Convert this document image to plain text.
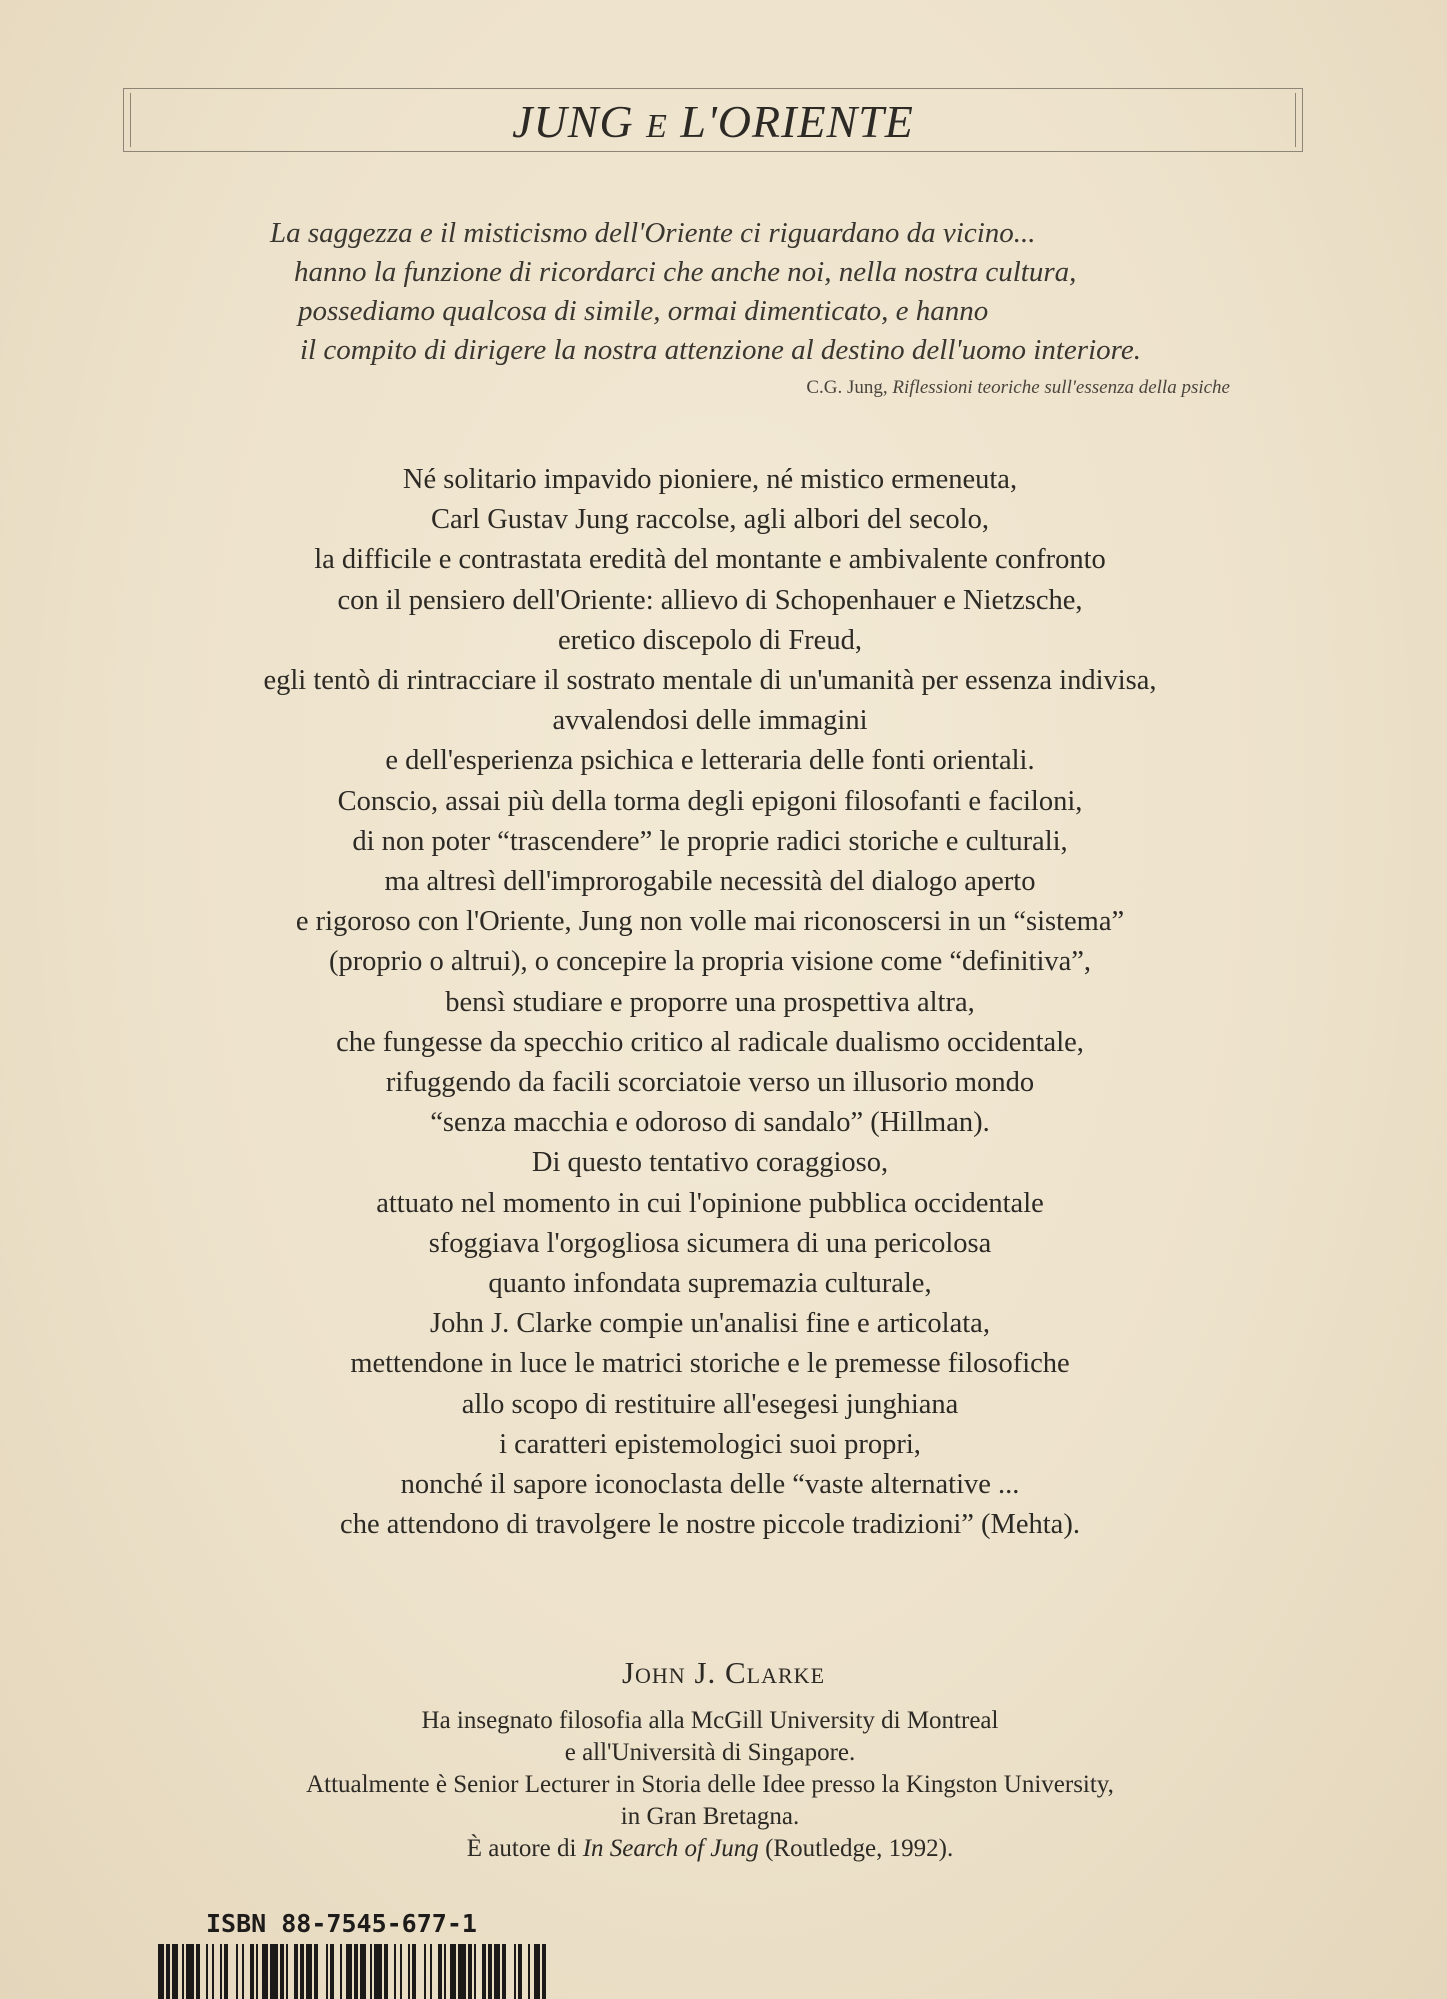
JUNG E L'ORIENTE
La saggezza e il misticismo dell'Oriente ci riguardano da vicino...
hanno la funzione di ricordarci che anche noi, nella nostra cultura,
possediamo qualcosa di simile, ormai dimenticato, e hanno
il compito di dirigere la nostra attenzione al destino dell'uomo interiore.
C.G. Jung, Riflessioni teoriche sull'essenza della psiche
Né solitario impavido pioniere, né mistico ermeneuta,
Carl Gustav Jung raccolse, agli albori del secolo,
la difficile e contrastata eredità del montante e ambivalente confronto
con il pensiero dell'Oriente: allievo di Schopenhauer e Nietzsche,
eretico discepolo di Freud,
egli tentò di rintracciare il sostrato mentale di un'umanità per essenza indivisa,
avvalendosi delle immagini
e dell'esperienza psichica e letteraria delle fonti orientali.
Conscio, assai più della torma degli epigoni filosofanti e faciloni,
di non poter “trascendere” le proprie radici storiche e culturali,
ma altresì dell'improrogabile necessità del dialogo aperto
e rigoroso con l'Oriente, Jung non volle mai riconoscersi in un “sistema”
(proprio o altrui), o concepire la propria visione come “definitiva”,
bensì studiare e proporre una prospettiva altra,
che fungesse da specchio critico al radicale dualismo occidentale,
rifuggendo da facili scorciatoie verso un illusorio mondo
“senza macchia e odoroso di sandalo” (Hillman).
Di questo tentativo coraggioso,
attuato nel momento in cui l'opinione pubblica occidentale
sfoggiava l'orgogliosa sicumera di una pericolosa
quanto infondata supremazia culturale,
John J. Clarke compie un'analisi fine e articolata,
mettendone in luce le matrici storiche e le premesse filosofiche
allo scopo di restituire all'esegesi junghiana
i caratteri epistemologici suoi propri,
nonché il sapore iconoclasta delle “vaste alternative ...
che attendono di travolgere le nostre piccole tradizioni” (Mehta).
John J. Clarke
Ha insegnato filosofia alla McGill University di Montreal
e all'Università di Singapore.
Attualmente è Senior Lecturer in Storia delle Idee presso la Kingston University,
in Gran Bretagna.
È autore di In Search of Jung (Routledge, 1992).
ISBN 88-7545-677-1
